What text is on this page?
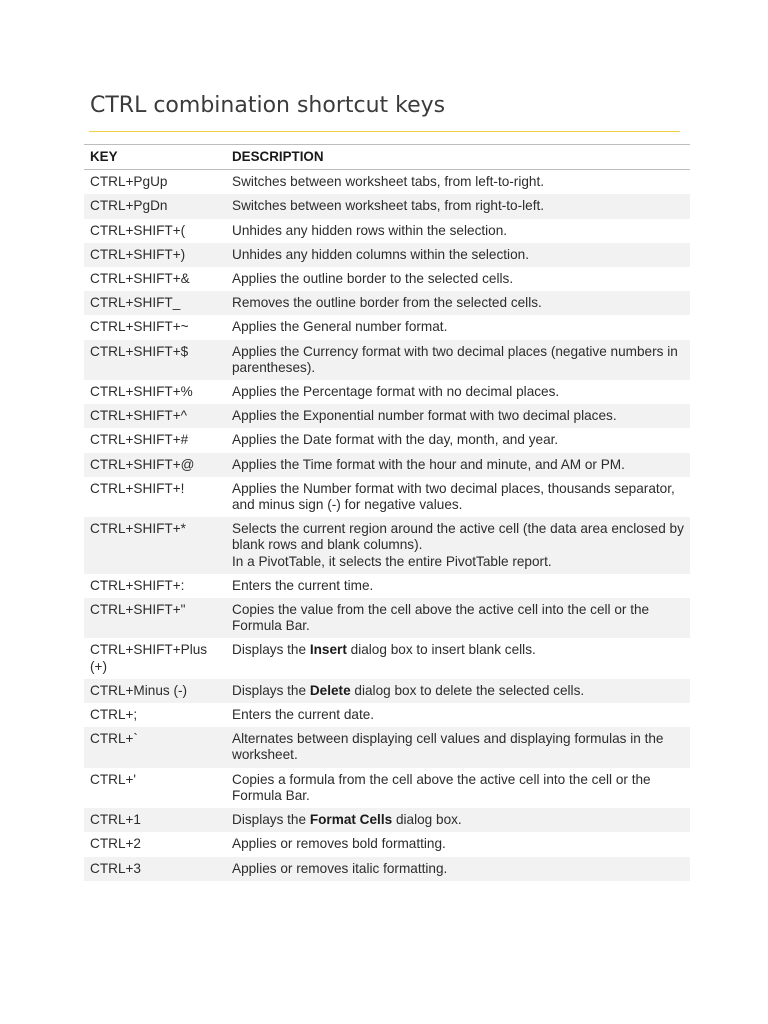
CTRL combination shortcut keys
KEY	DESCRIPTION
CTRL+PgUp	Switches between worksheet tabs, from left-to-right.

CTRL+PgDn	Switches between worksheet tabs, from right-to-left.

CTRL+SHIFT+(	Unhides any hidden rows within the selection.

CTRL+SHIFT+)	Unhides any hidden columns within the selection.

CTRL+SHIFT+&	Applies the outline border to the selected cells.

CTRL+SHIFT_	Removes the outline border from the selected cells.

CTRL+SHIFT+~	Applies the General number format.

CTRL+SHIFT+$	Applies the Currency format with two decimal places (negative numbers in parentheses).

CTRL+SHIFT+%	Applies the Percentage format with no decimal places.

CTRL+SHIFT+^	Applies the Exponential number format with two decimal places.

CTRL+SHIFT+#	Applies the Date format with the day, month, and year.

CTRL+SHIFT+@	Applies the Time format with the hour and minute, and AM or PM.

CTRL+SHIFT+!	Applies the Number format with two decimal places, thousands separator, and minus sign (-) for negative values.

CTRL+SHIFT+*	Selects the current region around the active cell (the data area enclosed by blank rows and blank columns).
In a PivotTable, it selects the entire PivotTable report.

CTRL+SHIFT+:	Enters the current time.

CTRL+SHIFT+"	Copies the value from the cell above the active cell into the cell or the Formula Bar.

CTRL+SHIFT+Plus (+)	Displays the Insert dialog box to insert blank cells.

CTRL+Minus (-)	Displays the Delete dialog box to delete the selected cells.

CTRL+;	Enters the current date.

CTRL+`	Alternates between displaying cell values and displaying formulas in the worksheet.

CTRL+'	Copies a formula from the cell above the active cell into the cell or the Formula Bar.

CTRL+1	Displays the Format Cells dialog box.

CTRL+2	Applies or removes bold formatting.

CTRL+3	Applies or removes italic formatting.
